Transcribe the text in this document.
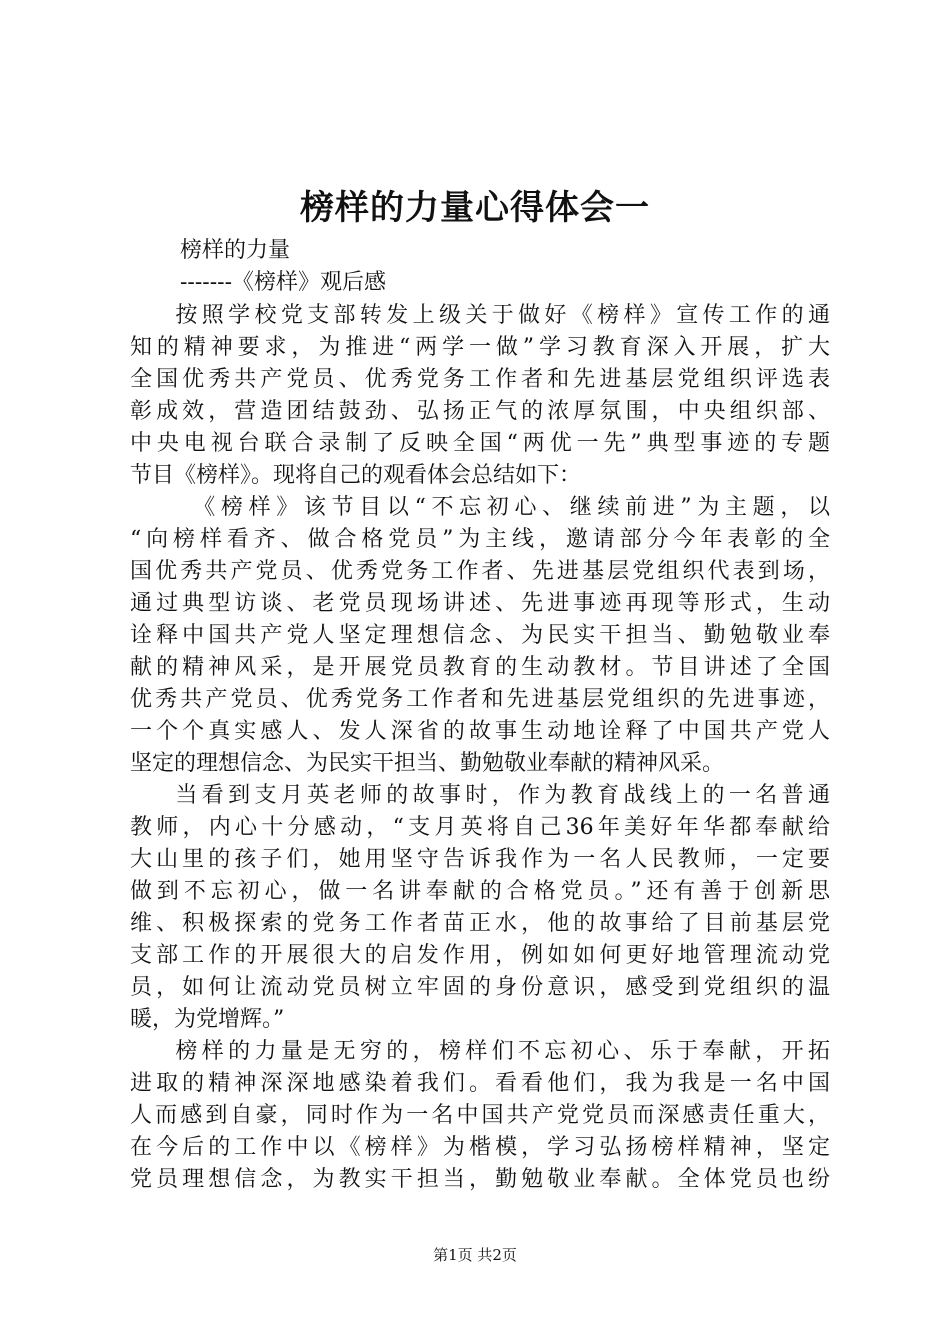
榜样的力量心得体会一
榜样的力量
-------《榜样》观后感
按照学校党支部转发上级关于做好《榜样》宣传工作的通
知的精神要求，为推进“两学一做”学习教育深入开展，扩大
全国优秀共产党员、优秀党务工作者和先进基层党组织评选表
彰成效，营造团结鼓劲、弘扬正气的浓厚氛围，中央组织部、
中央电视台联合录制了反映全国“两优一先”典型事迹的专题
节目《榜样》。现将自己的观看体会总结如下：
《榜样》该节目以“不忘初心、继续前进”为主题，以
“向榜样看齐、做合格党员”为主线，邀请部分今年表彰的全
国优秀共产党员、优秀党务工作者、先进基层党组织代表到场，
通过典型访谈、老党员现场讲述、先进事迹再现等形式，生动
诠释中国共产党人坚定理想信念、为民实干担当、勤勉敬业奉
献的精神风采，是开展党员教育的生动教材。节目讲述了全国
优秀共产党员、优秀党务工作者和先进基层党组织的先进事迹，
一个个真实感人、发人深省的故事生动地诠释了中国共产党人
坚定的理想信念、为民实干担当、勤勉敬业奉献的精神风采。
当看到支月英老师的故事时，作为教育战线上的一名普通
教师，内心十分感动，“支月英将自己36年美好年华都奉献给
大山里的孩子们，她用坚守告诉我作为一名人民教师，一定要
做到不忘初心，做一名讲奉献的合格党员。”还有善于创新思
维、积极探索的党务工作者苗正水，他的故事给了目前基层党
支部工作的开展很大的启发作用，例如如何更好地管理流动党
员，如何让流动党员树立牢固的身份意识，感受到党组织的温
暖，为党增辉。”
榜样的力量是无穷的，榜样们不忘初心、乐于奉献，开拓
进取的精神深深地感染着我们。看看他们，我为我是一名中国
人而感到自豪，同时作为一名中国共产党党员而深感责任重大，
在今后的工作中以《榜样》为楷模，学习弘扬榜样精神，坚定
党员理想信念，为教实干担当，勤勉敬业奉献。全体党员也纷
第1页 共2页
